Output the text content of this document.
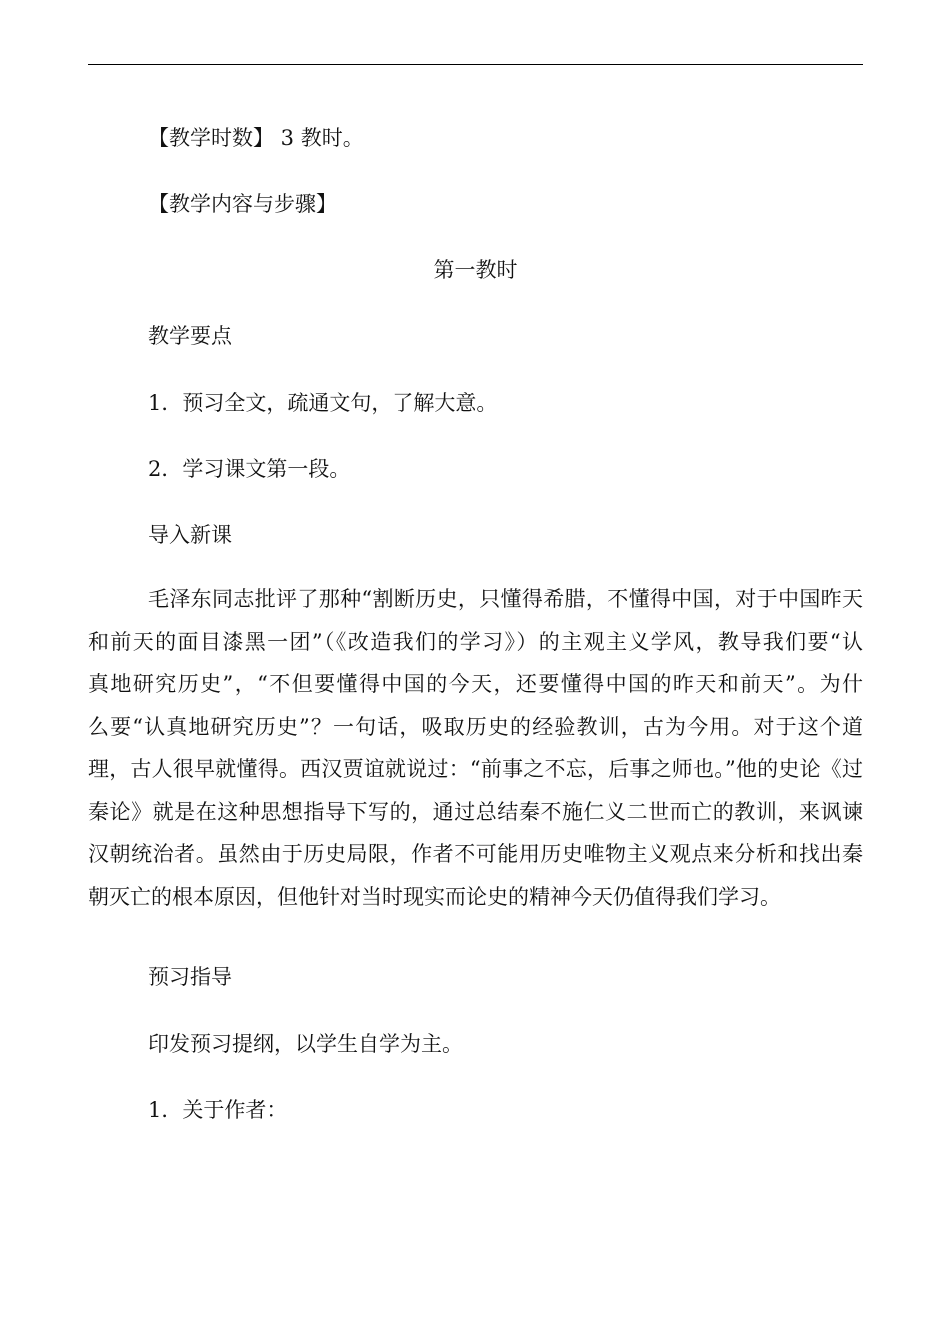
【教学时数】 3 教时。
【教学内容与步骤】
第一教时
教学要点
1．预习全文，疏通文句，了解大意。
2．学习课文第一段。
导入新课
毛泽东同志批评了那种“割断历史，只懂得希腊，不懂得中国，对于中国昨天
和前天的面目漆黑一团”（《改造我们的学习》）的主观主义学风，教导我们要“认
真地研究历史”，“不但要懂得中国的今天，还要懂得中国的昨天和前天”。为什
么要“认真地研究历史”？一句话，吸取历史的经验教训，古为今用。对于这个道
理，古人很早就懂得。西汉贾谊就说过：“前事之不忘，后事之师也。”他的史论《过
秦论》就是在这种思想指导下写的，通过总结秦不施仁义二世而亡的教训，来讽谏
汉朝统治者。虽然由于历史局限，作者不可能用历史唯物主义观点来分析和找出秦
朝灭亡的根本原因，但他针对当时现实而论史的精神今天仍值得我们学习。
预习指导
印发预习提纲，以学生自学为主。
1．关于作者：
